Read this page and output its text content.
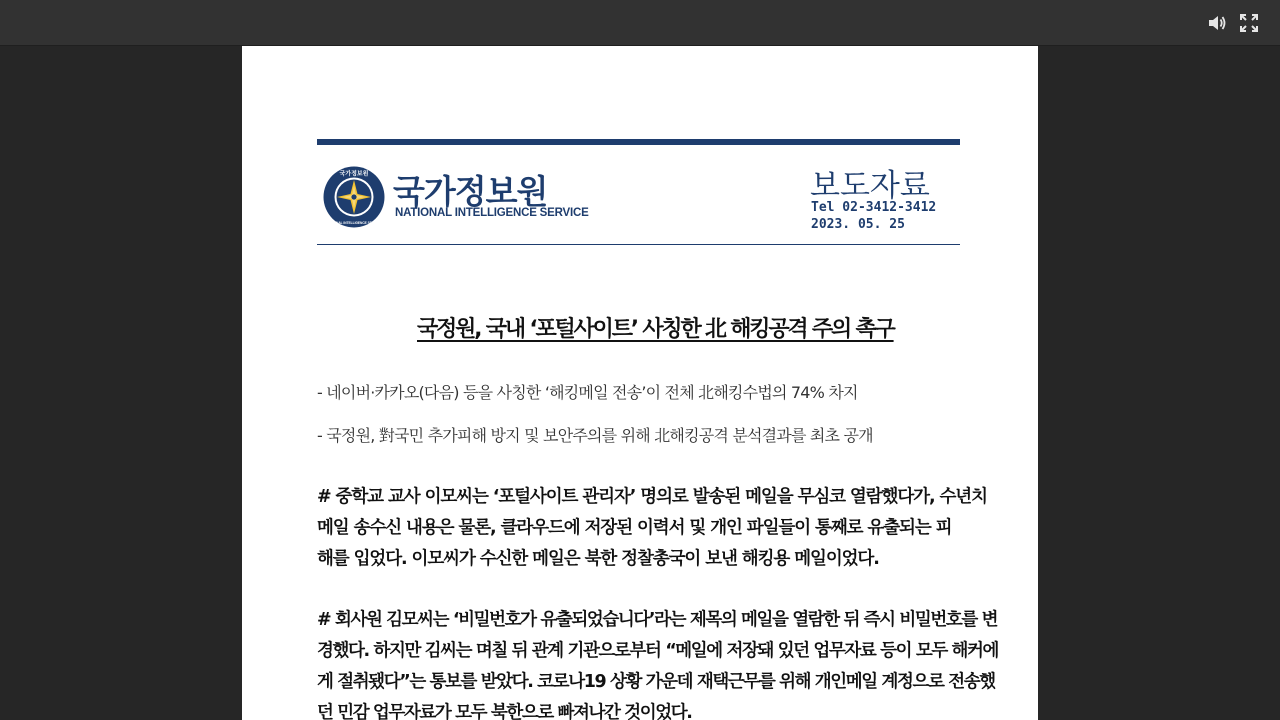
국가정보원
NATIONAL INTELLIGENCE SERVICE
국가정보원
NATIONAL INTELLIGENCE SERVICE
보도자료
Tel 02-3412-3412
2023. 05. 25
국정원, 국내 ‘포털사이트’ 사칭한 北 해킹공격 주의 촉구
- 네이버·카카오(다음) 등을 사칭한 ‘해킹메일 전송’이 전체 北해킹수법의 74% 차지
- 국정원, 對국민 추가피해 방지 및 보안주의를 위해 北해킹공격 분석결과를 최초 공개
# 중학교 교사 이모씨는 ‘포털사이트 관리자’ 명의로 발송된 메일을 무심코 열람했다가, 수년치
메일 송수신 내용은 물론, 클라우드에 저장된 이력서 및 개인 파일들이 통째로 유출되는 피
해를 입었다. 이모씨가 수신한 메일은 북한 정찰총국이 보낸 해킹용 메일이었다.
# 회사원 김모씨는 ‘비밀번호가 유출되었습니다’라는 제목의 메일을 열람한 뒤 즉시 비밀번호를 변
경했다. 하지만 김씨는 며칠 뒤 관계 기관으로부터 “메일에 저장돼 있던 업무자료 등이 모두 해커에
게 절취됐다”는 통보를 받았다. 코로나19 상황 가운데 재택근무를 위해 개인메일 계정으로 전송했
던 민감 업무자료가 모두 북한으로 빠져나간 것이었다.
